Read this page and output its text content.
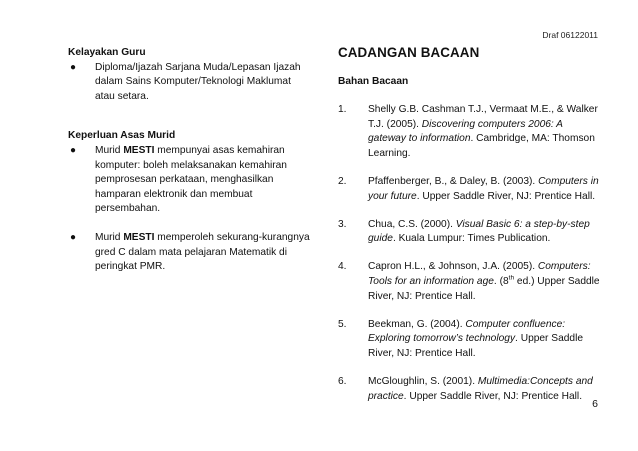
Draf 06122011

Kelayakan Guru

● Diploma/Ijazah Sarjana Muda/Lepasan Ijazah dalam Sains Komputer/Teknologi Maklumat atau setara.

Keperluan Asas Murid

● Murid MESTI mempunyai asas kemahiran komputer: boleh melaksanakan kemahiran pemprosesan perkataan, menghasilkan hamparan elektronik dan membuat persembahan.
● Murid MESTI memperoleh sekurang-kurangnya gred C dalam mata pelajaran Matematik di peringkat PMR.

CADANGAN BACAAN

Bahan Bacaan

1. Shelly G.B. Cashman T.J., Vermaat M.E., & Walker T.J. (2005). Discovering computers 2006: A gateway to information. Cambridge, MA: Thomson Learning.
2. Pfaffenberger, B., & Daley, B. (2003). Computers in your future. Upper Saddle River, NJ: Prentice Hall.
3. Chua, C.S. (2000). Visual Basic 6: a step-by-step guide. Kuala Lumpur: Times Publication.
4. Capron H.L., & Johnson, J.A. (2005). Computers: Tools for an information age. (8th ed.) Upper Saddle River, NJ: Prentice Hall.
5. Beekman, G. (2004). Computer confluence: Exploring tomorrow’s technology. Upper Saddle River, NJ: Prentice Hall.
6. McGloughlin, S. (2001). Multimedia:Concepts and practice. Upper Saddle River, NJ: Prentice Hall.
6
